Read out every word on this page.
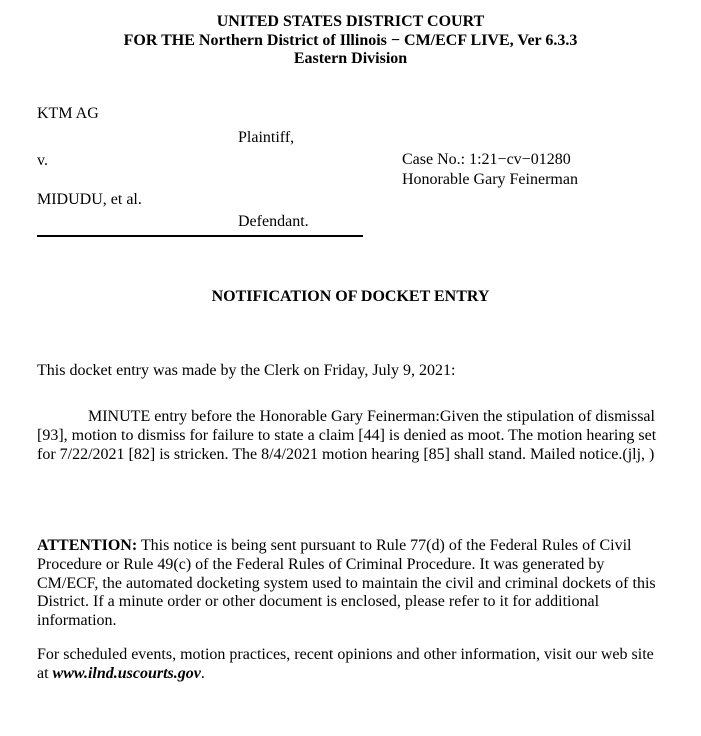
UNITED STATES DISTRICT COURT
FOR THE Northern District of Illinois − CM/ECF LIVE, Ver 6.3.3
Eastern Division
KTM AG
Plaintiff,
v.
MIDUDU, et al.
Defendant.
Case No.: 1:21−cv−01280
Honorable Gary Feinerman
NOTIFICATION OF DOCKET ENTRY

This docket entry was made by the Clerk on Friday, July 9, 2021:

MINUTE entry before the Honorable Gary Feinerman:Given the stipulation of dismissal [93], motion to dismiss for failure to state a claim [44] is denied as moot. The motion hearing set for 7/22/2021 [82] is stricken. The 8/4/2021 motion hearing [85] shall stand. Mailed notice.(jlj, )

ATTENTION: This notice is being sent pursuant to Rule 77(d) of the Federal Rules of Civil Procedure or Rule 49(c) of the Federal Rules of Criminal Procedure. It was generated by CM/ECF, the automated docketing system used to maintain the civil and criminal dockets of this District. If a minute order or other document is enclosed, please refer to it for additional information.

For scheduled events, motion practices, recent opinions and other information, visit our web site at www.ilnd.uscourts.gov.
